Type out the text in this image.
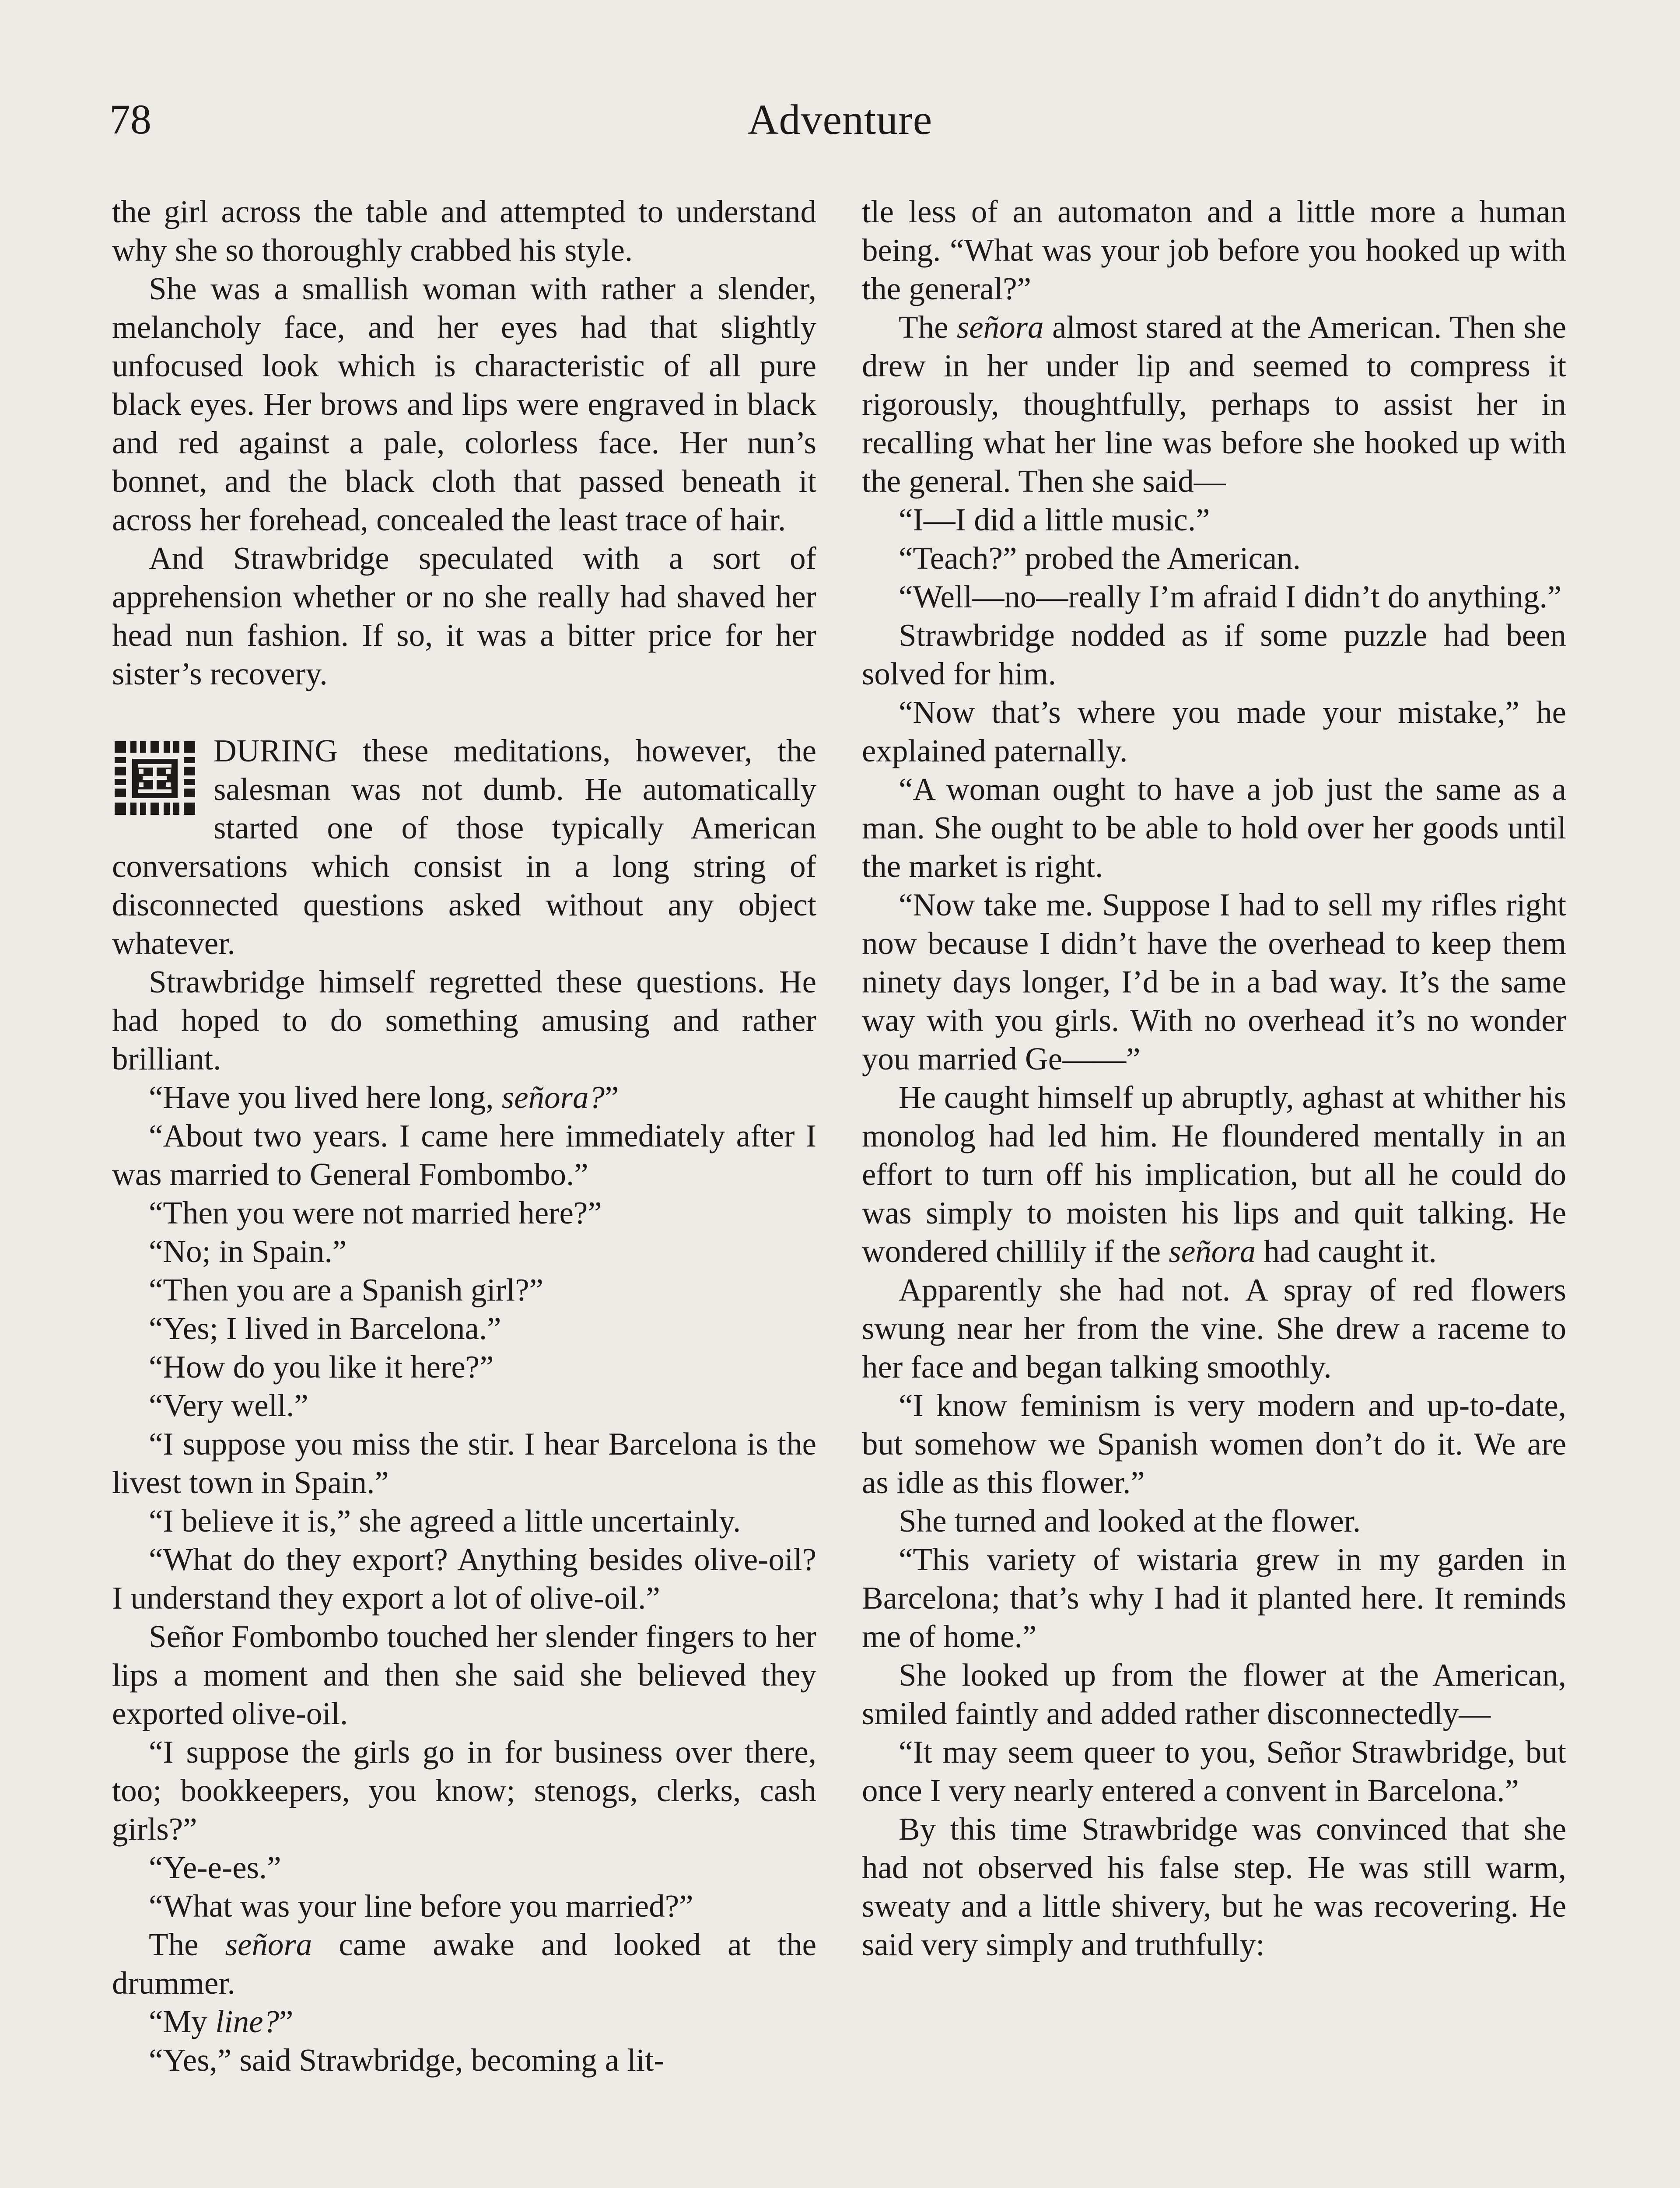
78	Adventure

the girl across the table and attempted to understand why she so thoroughly crabbed his style.

She was a smallish woman with rather a slender, melancholy face, and her eyes had that slightly unfocused look which is characteristic of all pure black eyes. Her brows and lips were engraved in black and red against a pale, colorless face. Her nun’s bonnet, and the black cloth that passed beneath it across her forehead, concealed the least trace of hair.

And Strawbridge speculated with a sort of apprehension whether or no she really had shaved her head nun fashion. If so, it was a bitter price for her sister’s recovery.

DURING these meditations, however, the salesman was not dumb. He automatically started one of those typically American conversations which consist in a long string of disconnected questions asked without any object whatever.

Strawbridge himself regretted these questions. He had hoped to do something amusing and rather brilliant.

“Have you lived here long, señora?”

“About two years. I came here immediately after I was married to General Fombombo.”

“Then you were not married here?”

“No; in Spain.”

“Then you are a Spanish girl?”

“Yes; I lived in Barcelona.”

“How do you like it here?”

“Very well.”

“I suppose you miss the stir. I hear Barcelona is the livest town in Spain.”

“I believe it is,” she agreed a little uncertainly.

“What do they export? Anything besides olive-oil? I understand they export a lot of olive-oil.”

Señor Fombombo touched her slender fingers to her lips a moment and then she said she believed they exported olive-oil.

“I suppose the girls go in for business over there, too; bookkeepers, you know; stenogs, clerks, cash girls?”

“Ye-e-es.”

“What was your line before you married?”

The señora came awake and looked at the drummer.

“My line?”

“Yes,” said Strawbridge, becoming a lit-

tle less of an automaton and a little more a human being. “What was your job before you hooked up with the general?”

The señora almost stared at the American. Then she drew in her under lip and seemed to compress it rigorously, thoughtfully, perhaps to assist her in recalling what her line was before she hooked up with the general. Then she said—

“I—I did a little music.”

“Teach?” probed the American.

“Well—no—really I’m afraid I didn’t do anything.”

Strawbridge nodded as if some puzzle had been solved for him.

“Now that’s where you made your mistake,” he explained paternally.

“A woman ought to have a job just the same as a man. She ought to be able to hold over her goods until the market is right.

“Now take me. Suppose I had to sell my rifles right now because I didn’t have the overhead to keep them ninety days longer, I’d be in a bad way. It’s the same way with you girls. With no overhead it’s no wonder you married Ge——”

He caught himself up abruptly, aghast at whither his monolog had led him. He floundered mentally in an effort to turn off his implication, but all he could do was simply to moisten his lips and quit talking. He wondered chillily if the señora had caught it.

Apparently she had not. A spray of red flowers swung near her from the vine. She drew a raceme to her face and began talking smoothly.

“I know feminism is very modern and up-to-date, but somehow we Spanish women don’t do it. We are as idle as this flower.”

She turned and looked at the flower.

“This variety of wistaria grew in my garden in Barcelona; that’s why I had it planted here. It reminds me of home.”

She looked up from the flower at the American, smiled faintly and added rather disconnectedly—

“It may seem queer to you, Señor Strawbridge, but once I very nearly entered a convent in Barcelona.”

By this time Strawbridge was convinced that she had not observed his false step. He was still warm, sweaty and a little shivery, but he was recovering. He said very simply and truthfully:
